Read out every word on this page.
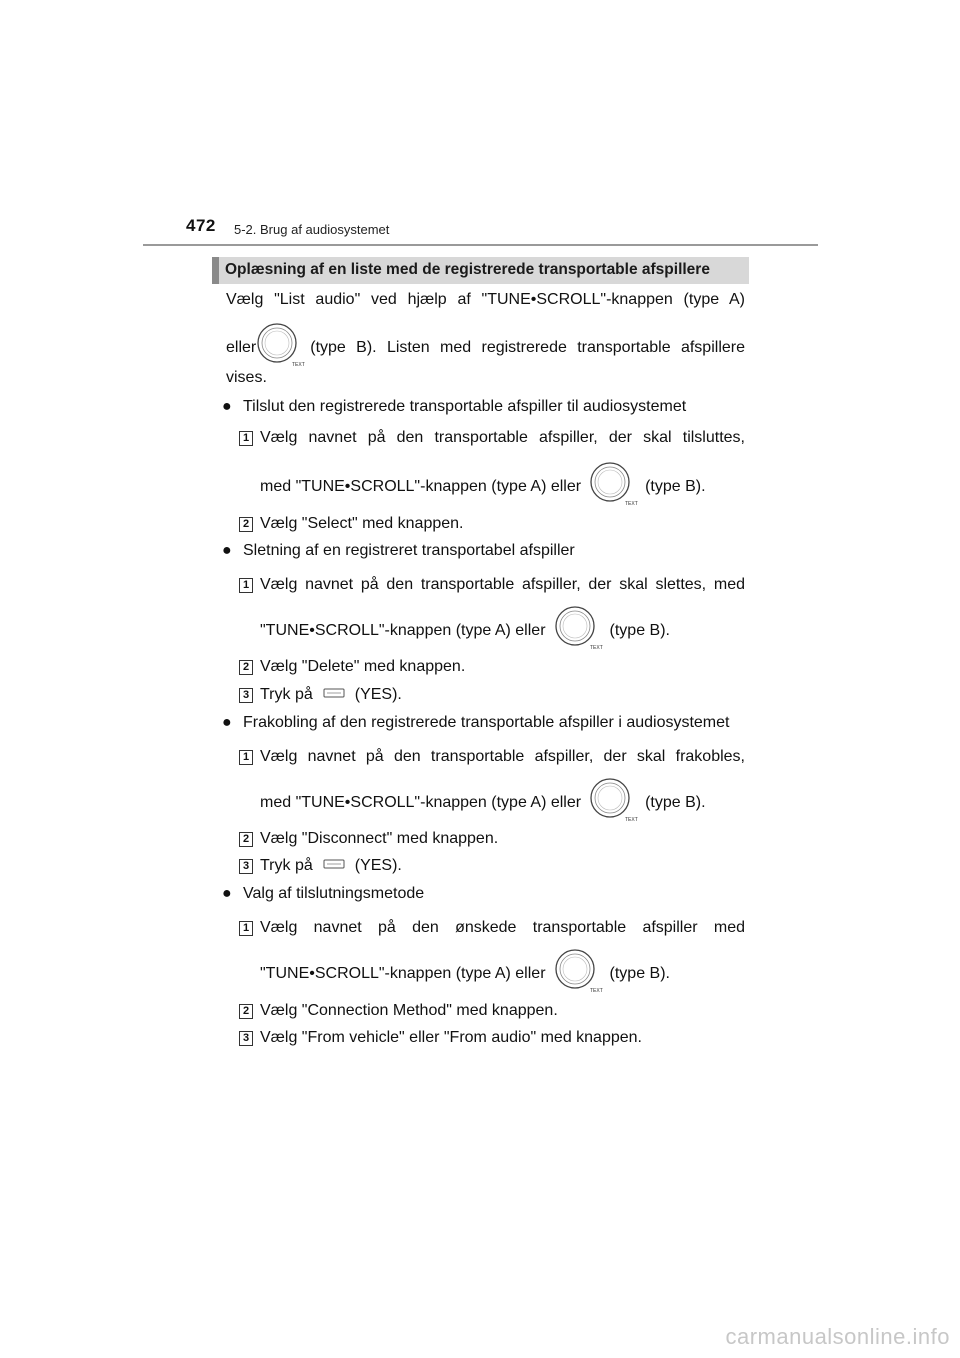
472 5-2. Brug af audiosystemet
Oplæsning af en liste med de registrerede transportable afspillere
Vælg "List audio" ved hjælp af "TUNE•SCROLL"-knappen (type A)
eller
TEXT
(type B). Listen med registrerede transportable afspillere
vises.
● Tilslut den registrerede transportable afspiller til audiosystemet
1 Vælg navnet på den transportable afspiller, der skal tilsluttes,
med "TUNE•SCROLL"-knappen (type A) eller
TEXT
(type B).
2 Vælg "Select" med knappen.
● Sletning af en registreret transportabel afspiller
1 Vælg navnet på den transportable afspiller, der skal slettes, med
"TUNE•SCROLL"-knappen (type A) eller
TEXT
(type B).
2 Vælg "Delete" med knappen.
3 Tryk på	(YES).
● Frakobling af den registrerede transportable afspiller i audiosystemet
1 Vælg navnet på den transportable afspiller, der skal frakobles,
med "TUNE•SCROLL"-knappen (type A) eller
TEXT
(type B).
2 Vælg "Disconnect" med knappen.
3 Tryk på	(YES).
● Valg af tilslutningsmetode
1 Vælg navnet på den ønskede transportable afspiller med
"TUNE•SCROLL"-knappen (type A) eller
TEXT
(type B).
2 Vælg "Connection Method" med knappen.
3 Vælg "From vehicle" eller "From audio" med knappen.
carmanualsonline.info
